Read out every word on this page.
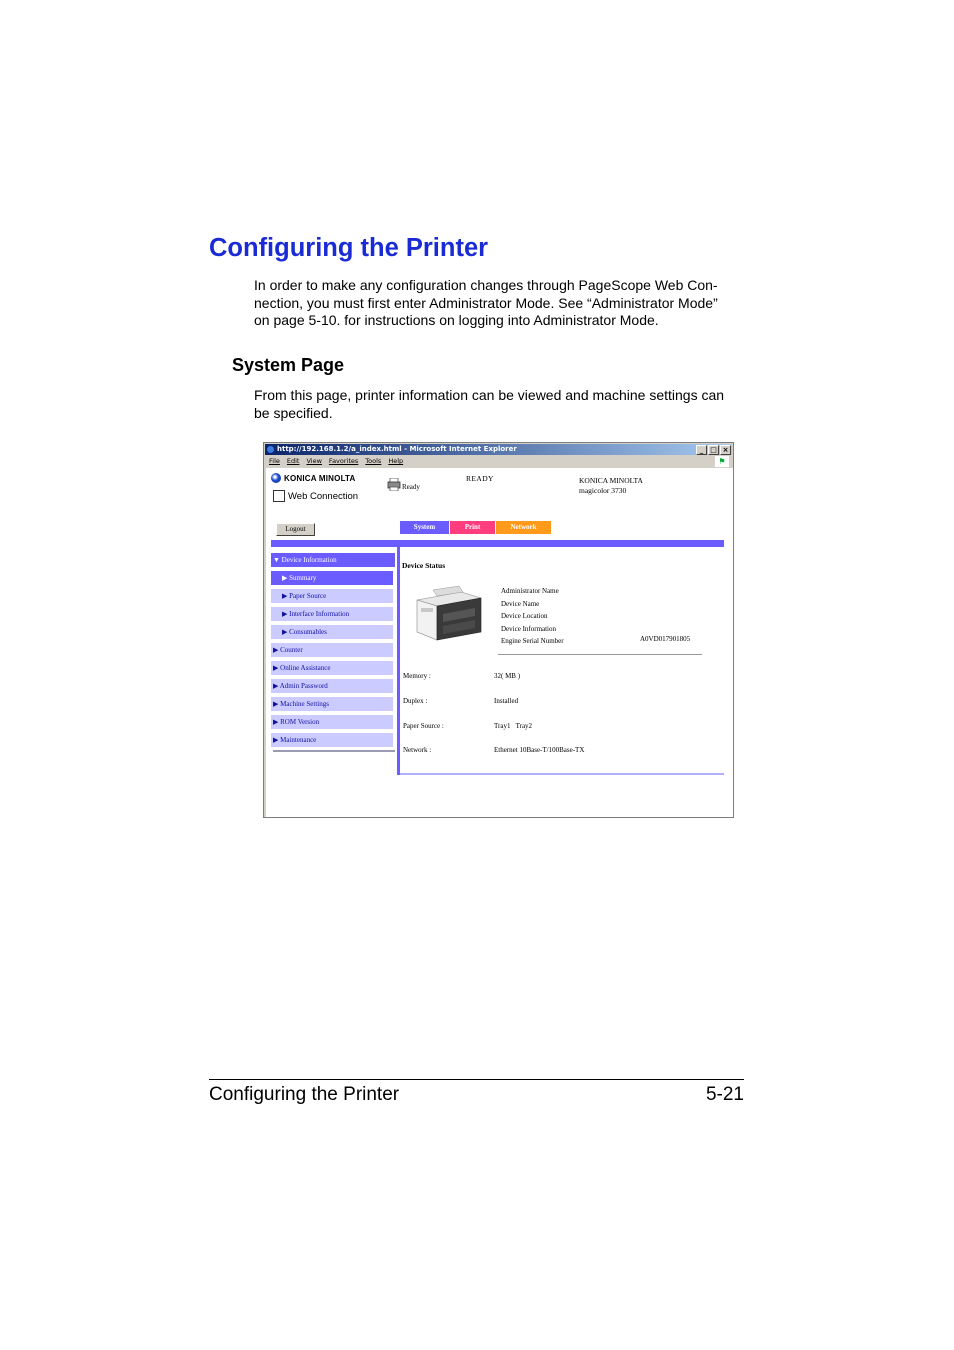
Configuring the Printer
In order to make any configuration changes through PageScope Web Con-
nection, you must first enter Administrator Mode. See “Administrator Mode”
on page 5-10. for instructions on logging into Administrator Mode.
System Page
From this page, printer information can be viewed and machine settings can
be specified.
http://192.168.1.2/a_index.html - Microsoft Internet Explorer	_ □ ×
File Edit View Favorites Tools Help	⚑
KONICA MINOLTA
Web Connection
Ready
READY	KONICA MINOLTA
magicolor 3730
Logout	System	Print	Network
▼ Device Information
▶ Summary
▶ Paper Source
▶ Interface Information
▶ Consumables
▶ Counter
▶ Online Assistance
▶ Admin Password
▶ Machine Settings
▶ ROM Version
▶ Maintenance
Device Status
Administrator Name
Device Name
Device Location
Device Information
Engine Serial Number	A0VD017901805
Memory :	32( MB )
Duplex :	Installed
Paper Source :	Tray1   Tray2
Network :	Ethernet 10Base-T/100Base-TX
Configuring the Printer	5-21
